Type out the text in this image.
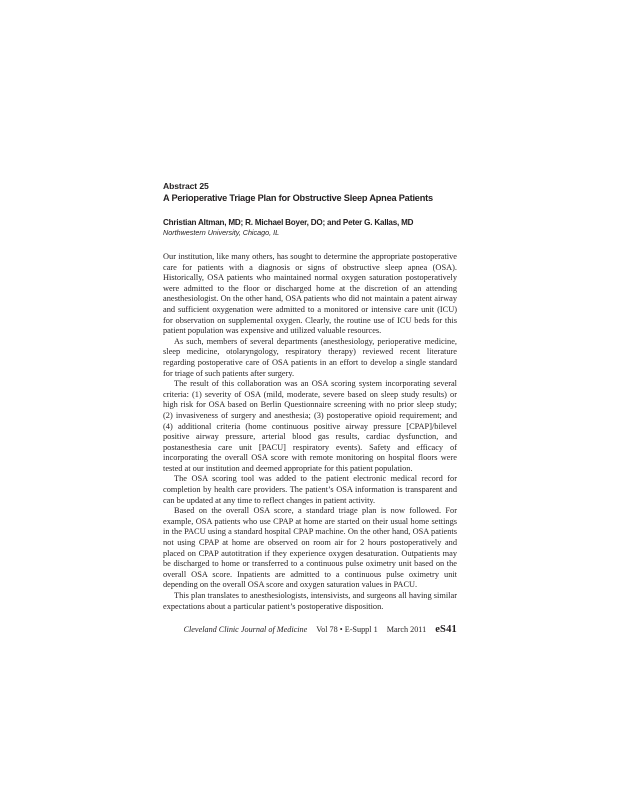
Abstract 25
A Perioperative Triage Plan for Obstructive Sleep Apnea Patients
Christian Altman, MD; R. Michael Boyer, DO; and Peter G. Kallas, MD
Northwestern University, Chicago, IL

Our institution, like many others, has sought to determine the appropriate postoperative care for patients with a diagnosis or signs of obstructive sleep apnea (OSA). Historically, OSA patients who maintained normal oxygen saturation postoperatively were admitted to the floor or discharged home at the discretion of an attending anesthesiologist. On the other hand, OSA patients who did not maintain a patent airway and sufficient oxygenation were admitted to a monitored or intensive care unit (ICU) for observation on supplemental oxygen. Clearly, the routine use of ICU beds for this patient population was expensive and utilized valuable resources.

As such, members of several departments (anesthesiology, perioperative medicine, sleep medicine, otolaryngology, respiratory therapy) reviewed recent literature regarding postoperative care of OSA patients in an effort to develop a single standard for triage of such patients after surgery.

The result of this collaboration was an OSA scoring system incorporating several criteria: (1) severity of OSA (mild, moderate, severe based on sleep study results) or high risk for OSA based on Berlin Questionnaire screening with no prior sleep study; (2) invasiveness of surgery and anesthesia; (3) postoperative opioid requirement; and (4) additional criteria (home continuous positive airway pressure [CPAP]/bilevel positive airway pressure, arterial blood gas results, cardiac dysfunction, and postanesthesia care unit [PACU] respiratory events). Safety and efficacy of incorporating the overall OSA score with remote monitoring on hospital floors were tested at our institution and deemed appropriate for this patient population.

The OSA scoring tool was added to the patient electronic medical record for completion by health care providers. The patient’s OSA information is transparent and can be updated at any time to reflect changes in patient activity.

Based on the overall OSA score, a standard triage plan is now followed. For example, OSA patients who use CPAP at home are started on their usual home settings in the PACU using a standard hospital CPAP machine. On the other hand, OSA patients not using CPAP at home are observed on room air for 2 hours postoperatively and placed on CPAP autotitration if they experience oxygen desaturation. Outpatients may be discharged to home or transferred to a continuous pulse oximetry unit based on the overall OSA score. Inpatients are admitted to a continuous pulse oximetry unit depending on the overall OSA score and oxygen saturation values in PACU.

This plan translates to anesthesiologists, intensivists, and surgeons all having similar expectations about a particular patient’s postoperative disposition.

Cleveland Clinic Journal of Medicine Vol 78 • E-Suppl 1 March 2011 eS41
